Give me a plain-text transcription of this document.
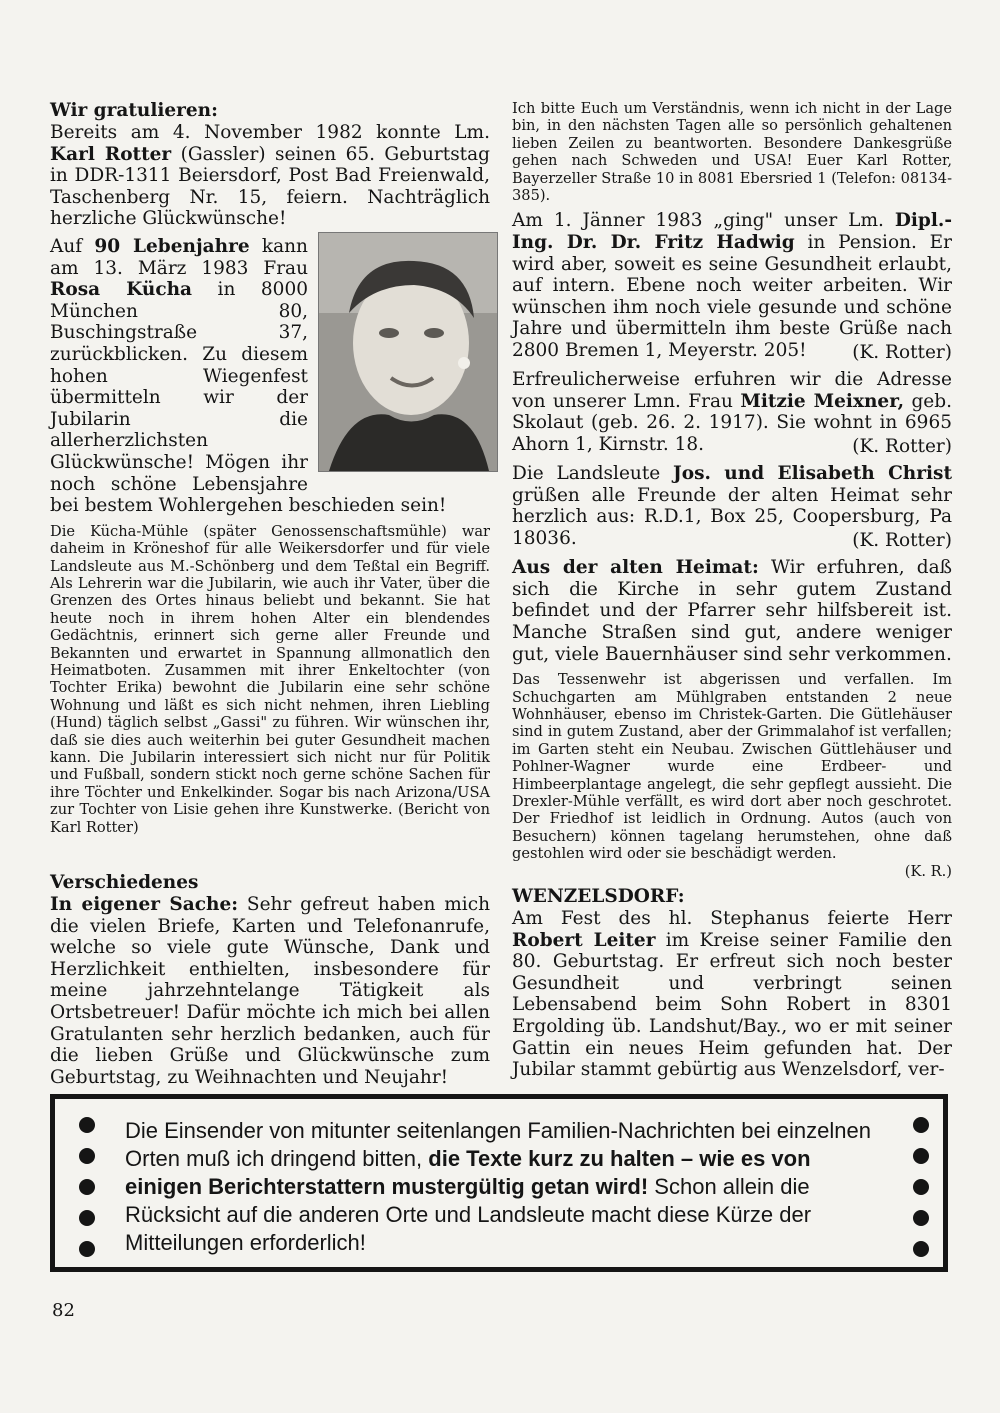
Wir gratulieren:

Bereits am 4. November 1982 konnte Lm. Karl Rotter (Gassler) seinen 65. Geburtstag in DDR-1311 Beiersdorf, Post Bad Freienwald, Taschenberg Nr. 15, feiern. Nachträglich herzliche Glückwünsche!

Auf 90 Lebenjahre kann am 13. März 1983 Frau Rosa Kücha in 8000 München 80, Buschingstraße 37, zurückblicken. Zu diesem hohen Wiegenfest übermitteln wir der Jubilarin die allerherzlichsten Glückwünsche! Mögen ihr noch schöne Lebensjahre bei bestem Wohlergehen beschieden sein!

Die Kücha-Mühle (später Genossenschaftsmühle) war daheim in Kröneshof für alle Weikersdorfer und für viele Landsleute aus M.-Schönberg und dem Teßtal ein Begriff. Als Lehrerin war die Jubilarin, wie auch ihr Vater, über die Grenzen des Ortes hinaus beliebt und bekannt. Sie hat heute noch in ihrem hohen Alter ein blendendes Gedächtnis, erinnert sich gerne aller Freunde und Bekannten und erwartet in Spannung allmonatlich den Heimatboten. Zusammen mit ihrer Enkeltochter (von Tochter Erika) bewohnt die Jubilarin eine sehr schöne Wohnung und läßt es sich nicht nehmen, ihren Liebling (Hund) täglich selbst „Gassi" zu führen. Wir wünschen ihr, daß sie dies auch weiterhin bei guter Gesundheit machen kann. Die Jubilarin interessiert sich nicht nur für Politik und Fußball, sondern stickt noch gerne schöne Sachen für ihre Töchter und Enkelkinder. Sogar bis nach Arizona/USA zur Tochter von Lisie gehen ihre Kunstwerke. (Bericht von Karl Rotter)

Verschiedenes

In eigener Sache: Sehr gefreut haben mich die vielen Briefe, Karten und Telefonanrufe, welche so viele gute Wünsche, Dank und Herzlichkeit enthielten, insbesondere für meine jahrzehntelange Tätigkeit als Ortsbetreuer! Dafür möchte ich mich bei allen Gratulanten sehr herzlich bedanken, auch für die lieben Grüße und Glückwünsche zum Geburtstag, zu Weihnachten und Neujahr!

Ich bitte Euch um Verständnis, wenn ich nicht in der Lage bin, in den nächsten Tagen alle so persönlich gehaltenen lieben Zeilen zu beantworten. Besondere Dankesgrüße gehen nach Schweden und USA! Euer Karl Rotter, Bayerzeller Straße 10 in 8081 Ebersried 1 (Telefon: 08134-385).

Am 1. Jänner 1983 „ging" unser Lm. Dipl.-Ing. Dr. Dr. Fritz Hadwig in Pension. Er wird aber, soweit es seine Gesundheit erlaubt, auf intern. Ebene noch weiter arbeiten. Wir wünschen ihm noch viele gesunde und schöne Jahre und übermitteln ihm beste Grüße nach 2800 Bremen 1, Meyerstr. 205!	(K. Rotter)

Erfreulicherweise erfuhren wir die Adresse von unserer Lmn. Frau Mitzie Meixner, geb. Skolaut (geb. 26. 2. 1917). Sie wohnt in 6965 Ahorn 1, Kirnstr. 18.	(K. Rotter)

Die Landsleute Jos. und Elisabeth Christ grüßen alle Freunde der alten Heimat sehr herzlich aus: R.D.1, Box 25, Coopersburg, Pa 18036.	(K. Rotter)

Aus der alten Heimat: Wir erfuhren, daß sich die Kirche in sehr gutem Zustand befindet und der Pfarrer sehr hilfsbereit ist. Manche Straßen sind gut, andere weniger gut, viele Bauernhäuser sind sehr verkommen.

Das Tessenwehr ist abgerissen und verfallen. Im Schuchgarten am Mühlgraben entstanden 2 neue Wohnhäuser, ebenso im Christek-Garten. Die Gütlehäuser sind in gutem Zustand, aber der Grimmalahof ist verfallen; im Garten steht ein Neubau. Zwischen Güttlehäuser und Pohlner-Wagner wurde eine Erdbeer- und Himbeerplantage angelegt, die sehr gepflegt aussieht. Die Drexler-Mühle verfällt, es wird dort aber noch geschrotet. Der Friedhof ist leidlich in Ordnung. Autos (auch von Besuchern) können tagelang herumstehen, ohne daß gestohlen wird oder sie beschädigt werden.

(K. R.)

WENZELSDORF:

Am Fest des hl. Stephanus feierte Herr Robert Leiter im Kreise seiner Familie den 80. Geburtstag. Er erfreut sich noch bester Gesundheit und verbringt seinen Lebensabend beim Sohn Robert in 8301 Ergolding üb. Landshut/Bay., wo er mit seiner Gattin ein neues Heim gefunden hat. Der Jubilar stammt gebürtig aus Wenzelsdorf, ver-

Die Einsender von mitunter seitenlangen Familien-Nachrichten bei einzelnen Orten muß ich dringend bitten, die Texte kurz zu halten – wie es von einigen Berichterstattern mustergültig getan wird! Schon allein die Rücksicht auf die anderen Orte und Landsleute macht diese Kürze der Mitteilungen erforderlich!
82
